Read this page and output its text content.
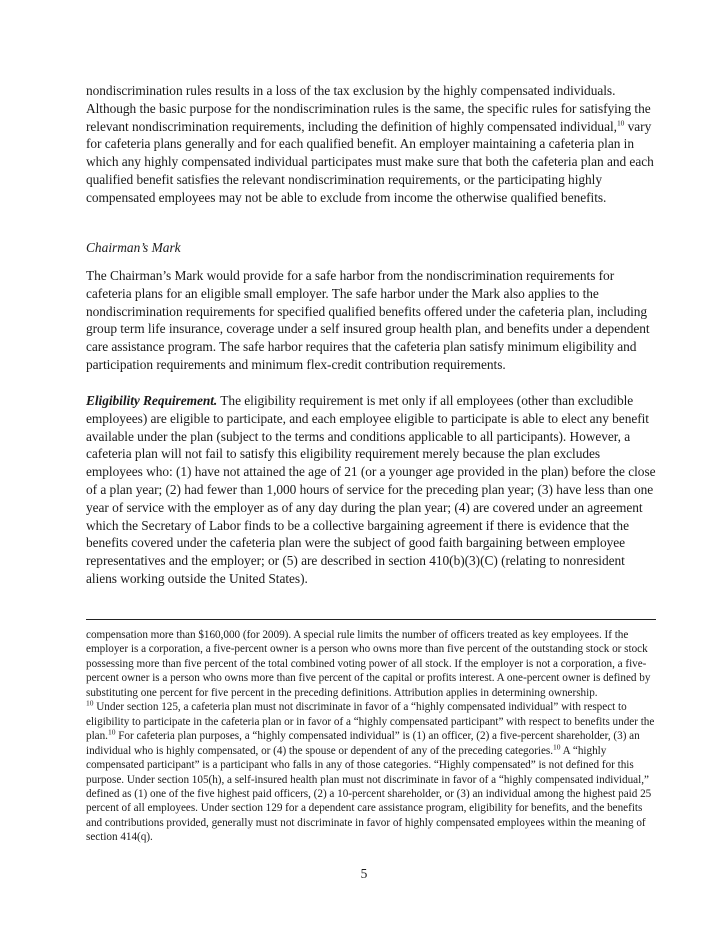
nondiscrimination rules results in a loss of the tax exclusion by the highly compensated individuals. Although the basic purpose for the nondiscrimination rules is the same, the specific rules for satisfying the relevant nondiscrimination requirements, including the definition of highly compensated individual,$^{10}$ vary for cafeteria plans generally and for each qualified benefit. An employer maintaining a cafeteria plan in which any highly compensated individual participates must make sure that both the cafeteria plan and each qualified benefit satisfies the relevant nondiscrimination requirements, or the participating highly compensated employees may not be able to exclude from income the otherwise qualified benefits.

Chairman’s Mark

The Chairman’s Mark would provide for a safe harbor from the nondiscrimination requirements for cafeteria plans for an eligible small employer. The safe harbor under the Mark also applies to the nondiscrimination requirements for specified qualified benefits offered under the cafeteria plan, including group term life insurance, coverage under a self insured group health plan, and benefits under a dependent care assistance program. The safe harbor requires that the cafeteria plan satisfy minimum eligibility and participation requirements and minimum flex-credit contribution requirements.

Eligibility Requirement. The eligibility requirement is met only if all employees (other than excludible employees) are eligible to participate, and each employee eligible to participate is able to elect any benefit available under the plan (subject to the terms and conditions applicable to all participants). However, a cafeteria plan will not fail to satisfy this eligibility requirement merely because the plan excludes employees who: (1) have not attained the age of 21 (or a younger age provided in the plan) before the close of a plan year; (2) had fewer than 1,000 hours of service for the preceding plan year; (3) have less than one year of service with the employer as of any day during the plan year; (4) are covered under an agreement which the Secretary of Labor finds to be a collective bargaining agreement if there is evidence that the benefits covered under the cafeteria plan were the subject of good faith bargaining between employee representatives and the employer; or (5) are described in section 410(b)(3)(C) (relating to nonresident aliens working outside the United States).

compensation more than $160,000 (for 2009). A special rule limits the number of officers treated as key employees. If the employer is a corporation, a five-percent owner is a person who owns more than five percent of the outstanding stock or stock possessing more than five percent of the total combined voting power of all stock. If the employer is not a corporation, a five-percent owner is a person who owns more than five percent of the capital or profits interest. A one-percent owner is defined by substituting one percent for five percent in the preceding definitions. Attribution applies in determining ownership.

$^{10}$ Under section 125, a cafeteria plan must not discriminate in favor of a “highly compensated individual” with respect to eligibility to participate in the cafeteria plan or in favor of a “highly compensated participant” with respect to benefits under the plan.$^{10}$ For cafeteria plan purposes, a “highly compensated individual” is (1) an officer, (2) a five-percent shareholder, (3) an individual who is highly compensated, or (4) the spouse or dependent of any of the preceding categories.$^{10}$ A “highly compensated participant” is a participant who falls in any of those categories. “Highly compensated” is not defined for this purpose. Under section 105(h), a self-insured health plan must not discriminate in favor of a “highly compensated individual,” defined as (1) one of the five highest paid officers, (2) a 10-percent shareholder, or (3) an individual among the highest paid 25 percent of all employees. Under section 129 for a dependent care assistance program, eligibility for benefits, and the benefits and contributions provided, generally must not discriminate in favor of highly compensated employees within the meaning of section 414(q).

5
